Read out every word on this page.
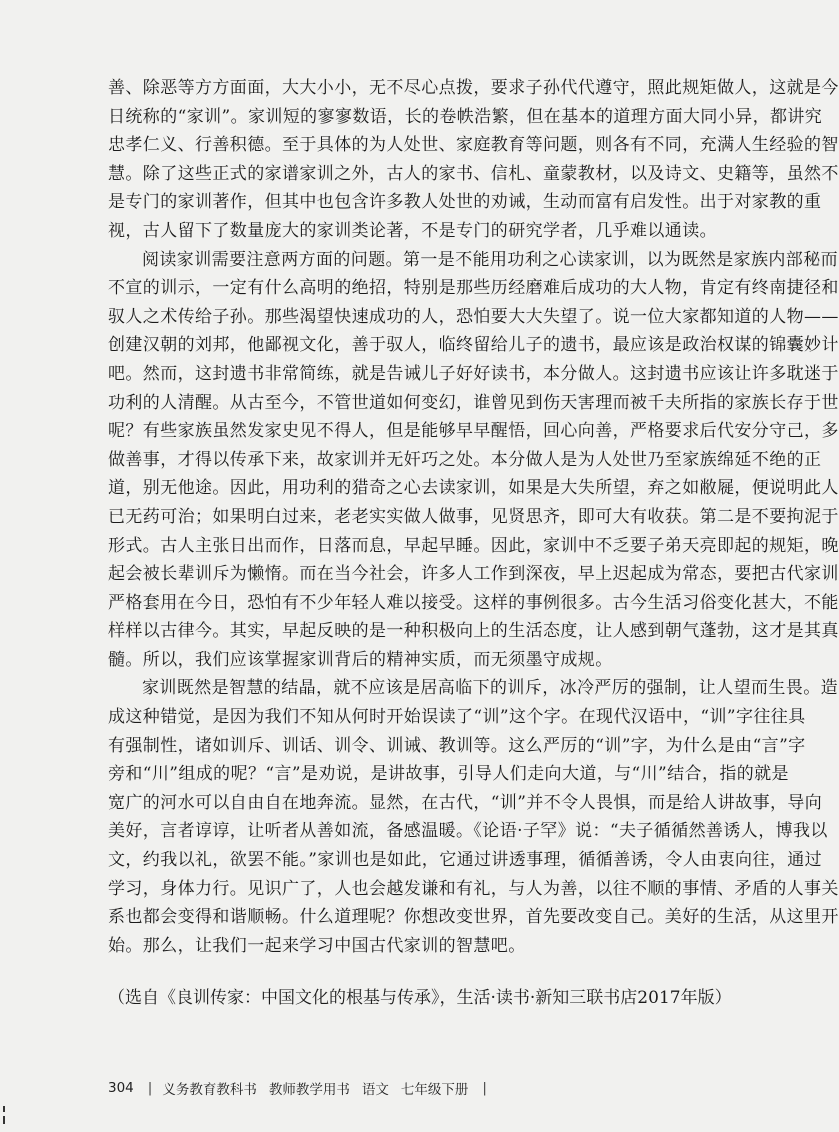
善、除恶等方方面面，大大小小，无不尽心点拨，要求子孙代代遵守，照此规矩做人，这就是今
日统称的“家训”。家训短的寥寥数语，长的卷帙浩繁，但在基本的道理方面大同小异，都讲究
忠孝仁义、行善积德。至于具体的为人处世、家庭教育等问题，则各有不同，充满人生经验的智
慧。除了这些正式的家谱家训之外，古人的家书、信札、童蒙教材，以及诗文、史籍等，虽然不
是专门的家训著作，但其中也包含许多教人处世的劝诫，生动而富有启发性。出于对家教的重
视，古人留下了数量庞大的家训类论著，不是专门的研究学者，几乎难以通读。
阅读家训需要注意两方面的问题。第一是不能用功利之心读家训，以为既然是家族内部秘而
不宣的训示，一定有什么高明的绝招，特别是那些历经磨难后成功的大人物，肯定有终南捷径和
驭人之术传给子孙。那些渴望快速成功的人，恐怕要大大失望了。说一位大家都知道的人物——
创建汉朝的刘邦，他鄙视文化，善于驭人，临终留给儿子的遗书，最应该是政治权谋的锦囊妙计
吧。然而，这封遗书非常简练，就是告诫儿子好好读书，本分做人。这封遗书应该让许多耽迷于
功利的人清醒。从古至今，不管世道如何变幻，谁曾见到伤天害理而被千夫所指的家族长存于世
呢？有些家族虽然发家史见不得人，但是能够早早醒悟，回心向善，严格要求后代安分守己，多
做善事，才得以传承下来，故家训并无奸巧之处。本分做人是为人处世乃至家族绵延不绝的正
道，别无他途。因此，用功利的猎奇之心去读家训，如果是大失所望，弃之如敝屣，便说明此人
已无药可治；如果明白过来，老老实实做人做事，见贤思齐，即可大有收获。第二是不要拘泥于
形式。古人主张日出而作，日落而息，早起早睡。因此，家训中不乏要子弟天亮即起的规矩，晚
起会被长辈训斥为懒惰。而在当今社会，许多人工作到深夜，早上迟起成为常态，要把古代家训
严格套用在今日，恐怕有不少年轻人难以接受。这样的事例很多。古今生活习俗变化甚大，不能
样样以古律今。其实，早起反映的是一种积极向上的生活态度，让人感到朝气蓬勃，这才是其真
髓。所以，我们应该掌握家训背后的精神实质，而无须墨守成规。
家训既然是智慧的结晶，就不应该是居高临下的训斥，冰冷严厉的强制，让人望而生畏。造
成这种错觉，是因为我们不知从何时开始误读了“训”这个字。在现代汉语中，“训”字往往具
有强制性，诸如训斥、训话、训令、训诫、教训等。这么严厉的“训”字，为什么是由“言”字
旁和“川”组成的呢？“言”是劝说，是讲故事，引导人们走向大道，与“川”结合，指的就是
宽广的河水可以自由自在地奔流。显然，在古代，“训”并不令人畏惧，而是给人讲故事，导向
美好，言者谆谆，让听者从善如流，备感温暖。《论语·子罕》说：“夫子循循然善诱人，博我以
文，约我以礼，欲罢不能。”家训也是如此，它通过讲透事理，循循善诱，令人由衷向往，通过
学习，身体力行。见识广了，人也会越发谦和有礼，与人为善，以往不顺的事情、矛盾的人事关
系也都会变得和谐顺畅。什么道理呢？你想改变世界，首先要改变自己。美好的生活，从这里开
始。那么，让我们一起来学习中国古代家训的智慧吧。
（选自《良训传家：中国文化的根基与传承》，生活·读书·新知三联书店2017年版）
304 | 义务教育教科书 教师教学用书 语文 七年级下册 |
